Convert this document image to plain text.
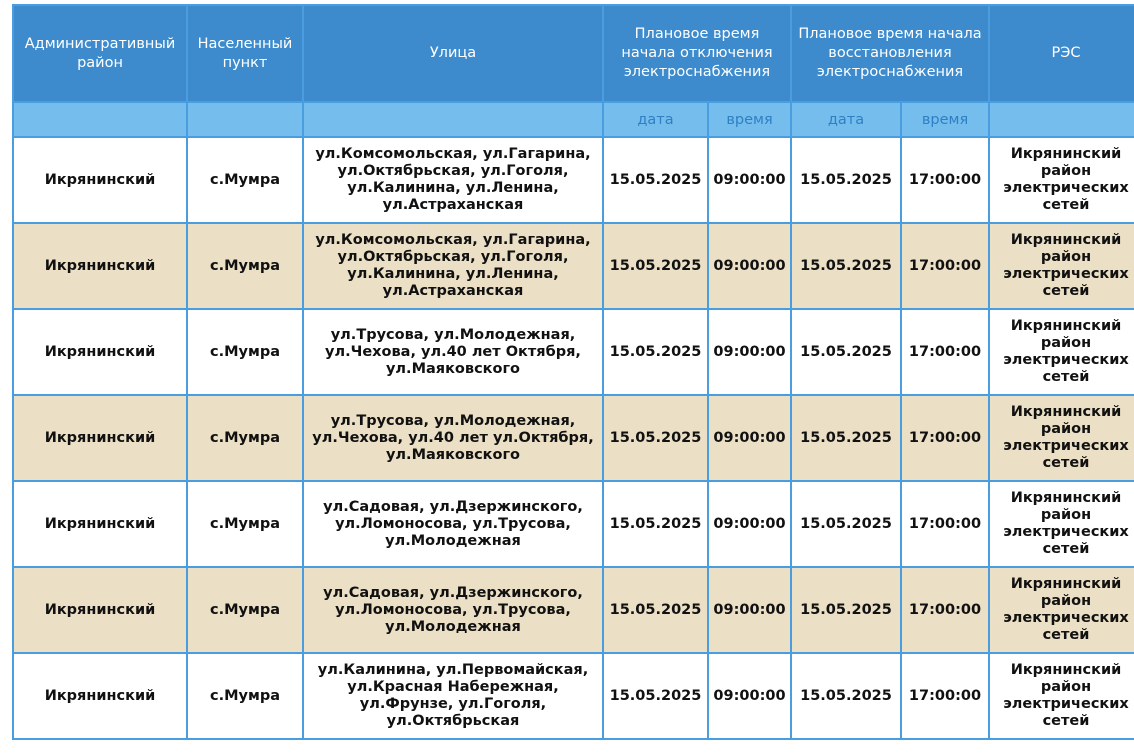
Административный район	Населенный пункт	Улица	Плановое время начала отключения электроснабжения		Плановое время начала восстановления электроснабжения		РЭС
			дата	время	дата	время	
Икрянинский	с.Мумра	ул.Комсомольская, ул.Гагарина, ул.Октябрьская, ул.Гоголя, ул.Калинина, ул.Ленина, ул.Астраханская	15.05.2025	09:00:00	15.05.2025	17:00:00	Икрянинский район электрических сетей
Икрянинский	с.Мумра	ул.Комсомольская, ул.Гагарина, ул.Октябрьская, ул.Гоголя, ул.Калинина, ул.Ленина, ул.Астраханская	15.05.2025	09:00:00	15.05.2025	17:00:00	Икрянинский район электрических сетей
Икрянинский	с.Мумра	ул.Трусова, ул.Молодежная, ул.Чехова, ул.40 лет Октября, ул.Маяковского	15.05.2025	09:00:00	15.05.2025	17:00:00	Икрянинский район электрических сетей
Икрянинский	с.Мумра	ул.Трусова, ул.Молодежная, ул.Чехова, ул.40 лет ул.Октября, ул.Маяковского	15.05.2025	09:00:00	15.05.2025	17:00:00	Икрянинский район электрических сетей
Икрянинский	с.Мумра	ул.Садовая, ул.Дзержинского, ул.Ломоносова, ул.Трусова, ул.Молодежная	15.05.2025	09:00:00	15.05.2025	17:00:00	Икрянинский район электрических сетей
Икрянинский	с.Мумра	ул.Садовая, ул.Дзержинского, ул.Ломоносова, ул.Трусова, ул.Молодежная	15.05.2025	09:00:00	15.05.2025	17:00:00	Икрянинский район электрических сетей
Икрянинский	с.Мумра	ул.Калинина, ул.Первомайская, ул.Красная Набережная, ул.Фрунзе, ул.Гоголя, ул.Октябрьская	15.05.2025	09:00:00	15.05.2025	17:00:00	Икрянинский район электрических сетей
